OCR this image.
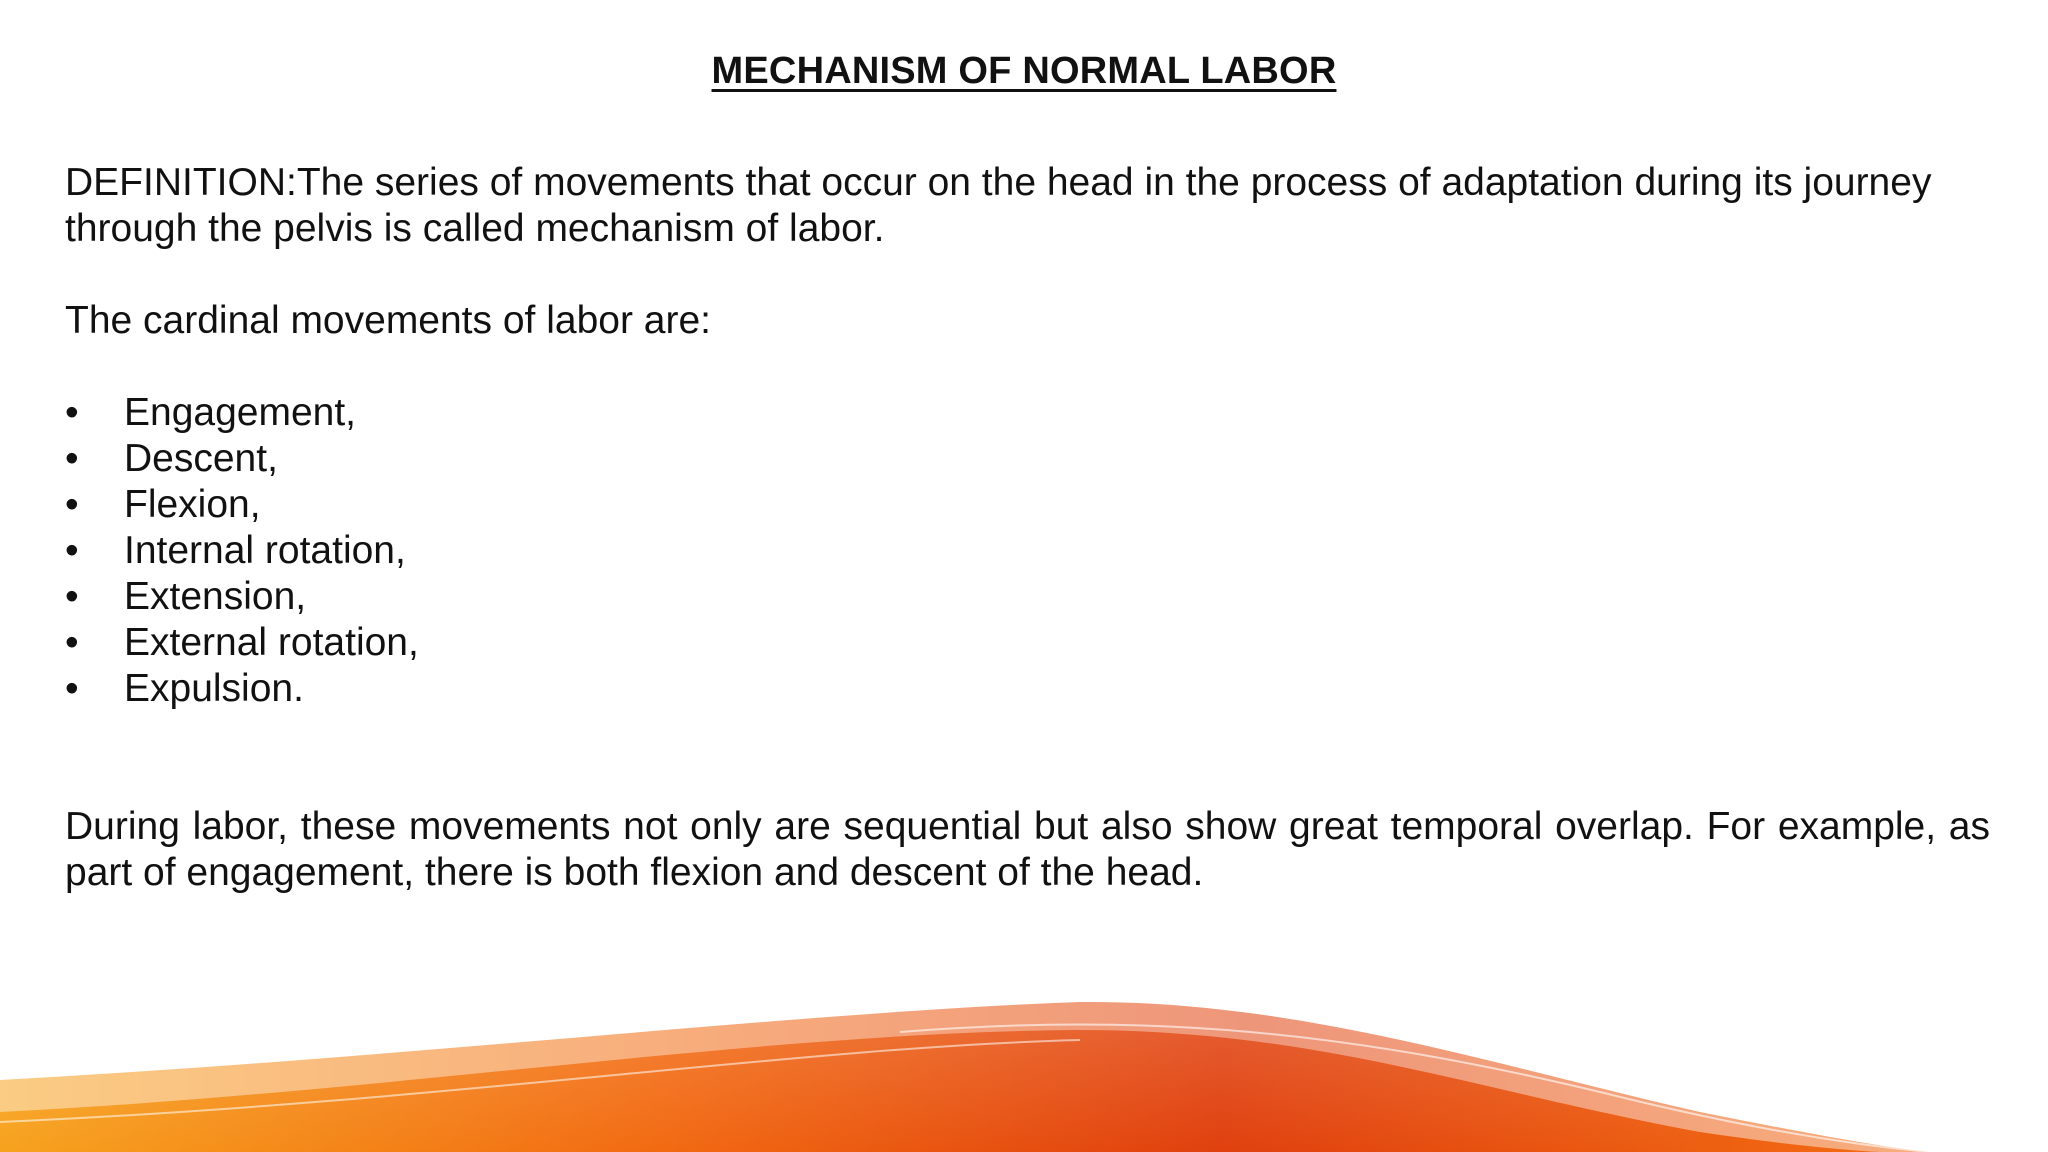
MECHANISM OF NORMAL LABOR

DEFINITION:The series of movements that occur on the head in the process of adaptation during its journey through the pelvis is called mechanism of labor.

The cardinal movements of labor are:

•	Engagement,
•	Descent,
•	Flexion,
•	Internal rotation,
•	Extension,
•	External rotation,
•	Expulsion.

During labor, these movements not only are sequential but also show great temporal overlap. For example, as part of engagement, there is both flexion and descent of the head.
